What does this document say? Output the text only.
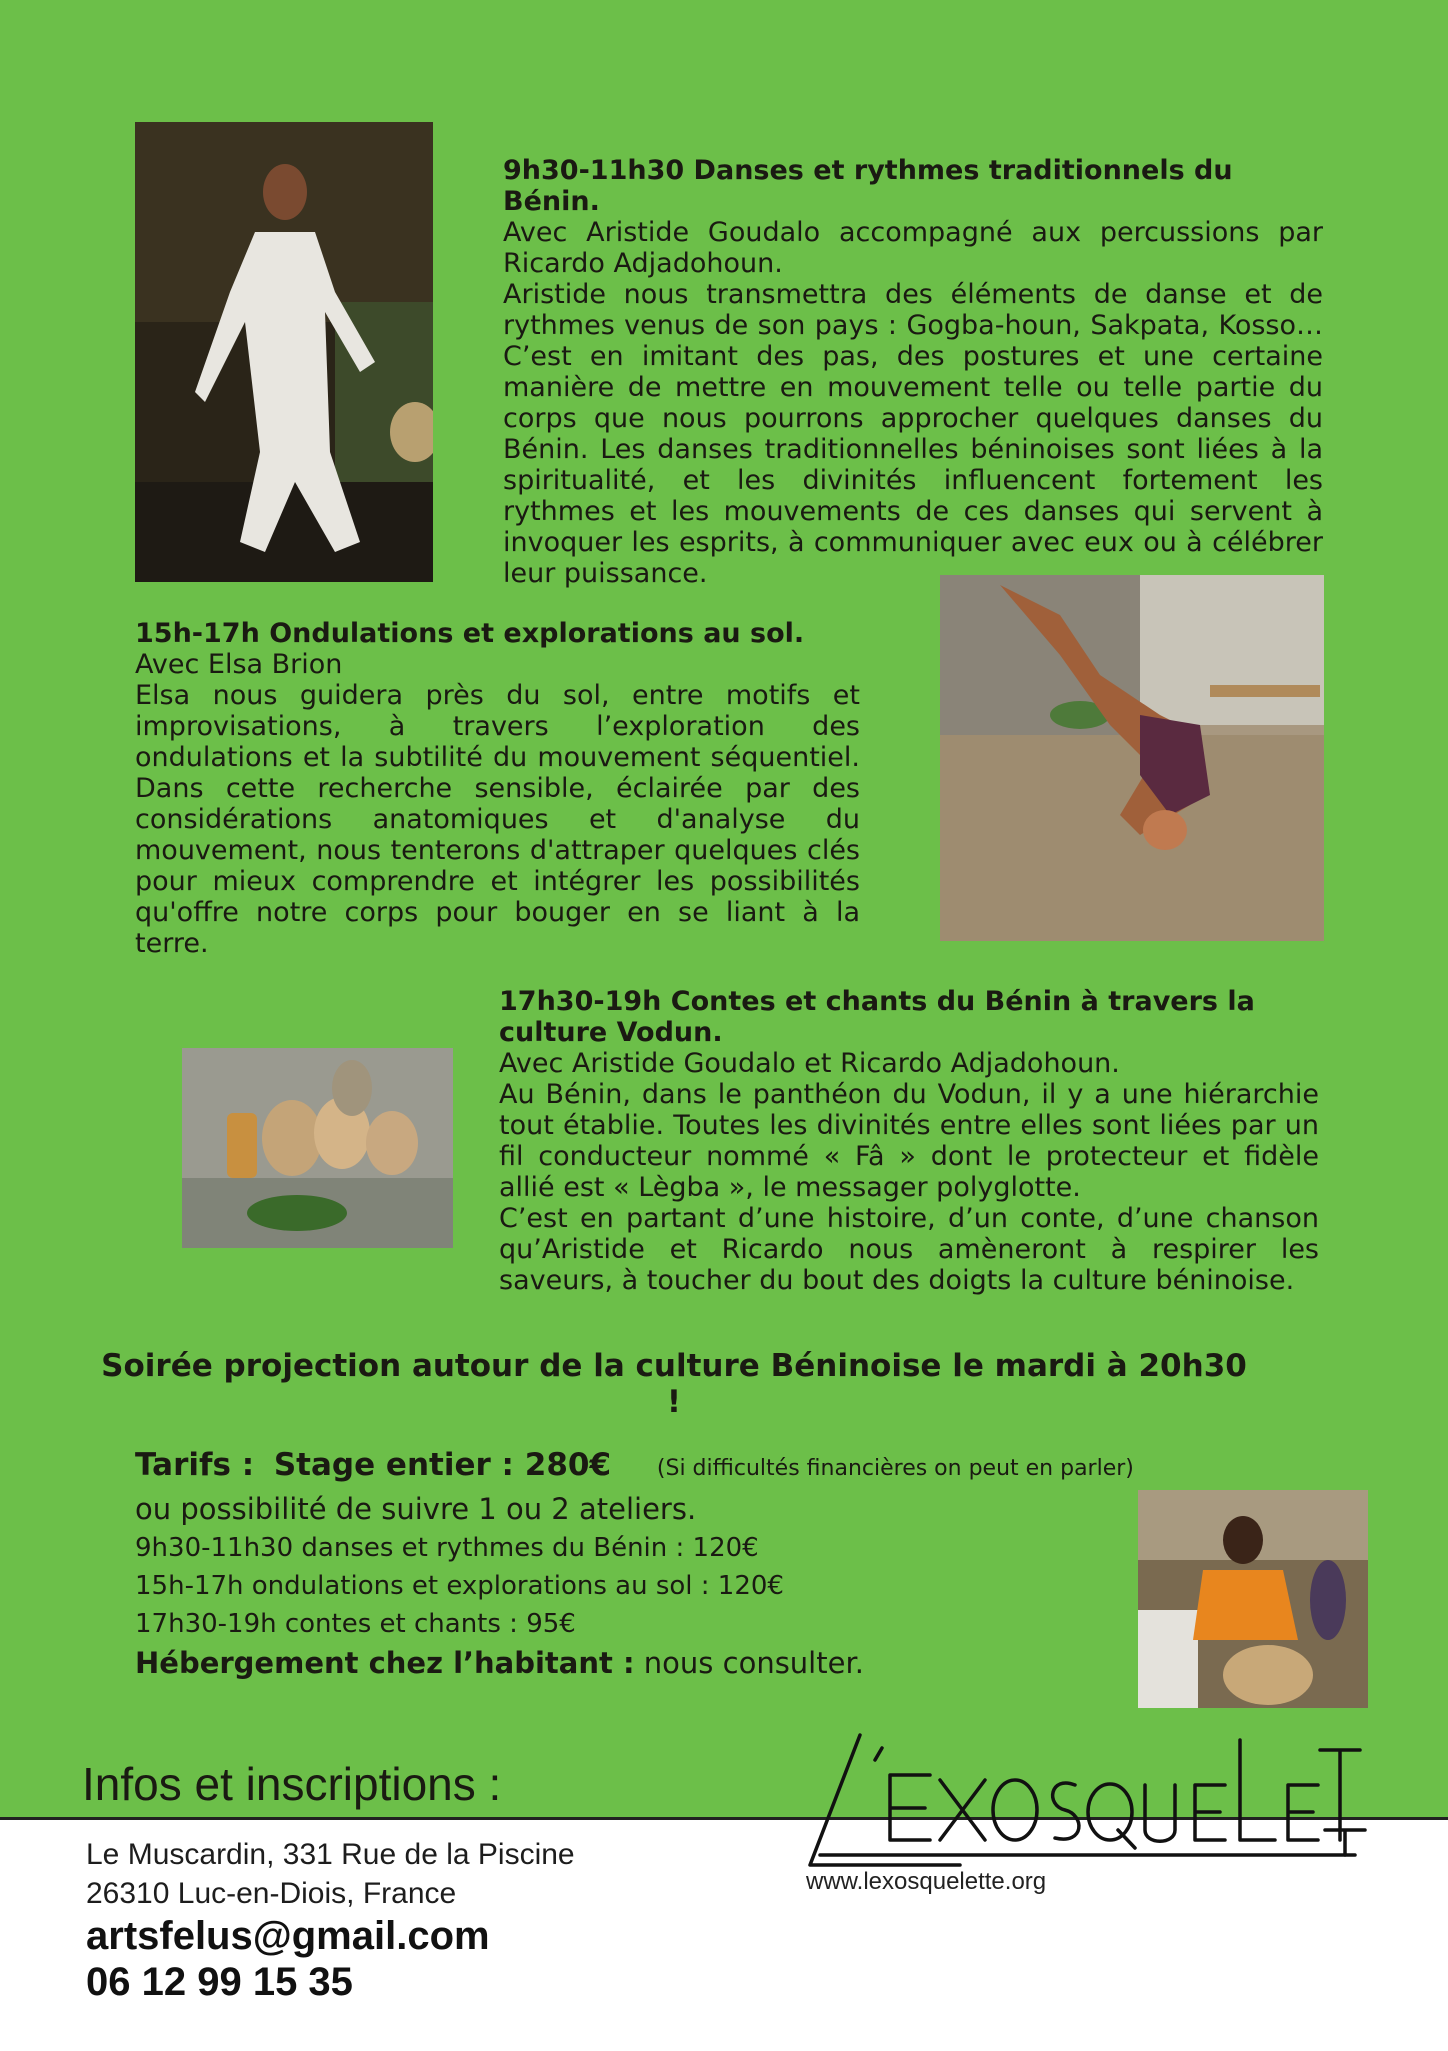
9h30-11h30 Danses et rythmes traditionnels du Bénin.

Avec Aristide Goudalo accompagné aux percussions par Ricardo Adjadohoun.

Aristide nous transmettra des éléments de danse et de rythmes venus de son pays : Gogba-houn, Sakpata, Kosso… C’est en imitant des pas, des postures et une certaine manière de mettre en mouvement telle ou telle partie du corps que nous pourrons approcher quelques danses du Bénin. Les danses traditionnelles béninoises sont liées à la spiritualité, et les divinités influencent fortement les rythmes et les mouvements de ces danses qui servent à invoquer les esprits, à communiquer avec eux ou à célébrer leur puissance.

15h-17h Ondulations et explorations au sol.

Avec Elsa Brion

Elsa nous guidera près du sol, entre motifs et improvisations, à travers l’exploration des ondulations et la subtilité du mouvement séquentiel. Dans cette recherche sensible, éclairée par des considérations anatomiques et d'analyse du mouvement, nous tenterons d'attraper quelques clés pour mieux comprendre et intégrer les possibilités qu'offre notre corps pour bouger en se liant à la terre.

17h30-19h Contes et chants du Bénin à travers la culture Vodun.

Avec Aristide Goudalo et Ricardo Adjadohoun.

Au Bénin, dans le panthéon du Vodun, il y a une hiérarchie tout établie. Toutes les divinités entre elles sont liées par un fil conducteur nommé « Fâ » dont le protecteur et fidèle allié est « Lègba », le messager polyglotte.

C’est en partant d’une histoire, d’un conte, d’une chanson qu’Aristide et Ricardo nous amèneront à respirer les saveurs, à toucher du bout des doigts la culture béninoise.

Soirée projection autour de la culture Béninoise le mardi à 20h30 !
Tarifs : Stage entier : 280€ (Si difficultés financières on peut en parler)
ou possibilité de suivre 1 ou 2 ateliers.
9h30-11h30 danses et rythmes du Bénin : 120€
15h-17h ondulations et explorations au sol : 120€
17h30-19h contes et chants : 95€
Hébergement chez l’habitant : nous consulter.
Infos et inscriptions :
Le Muscardin, 331 Rue de la Piscine
26310 Luc-en-Diois, France
artsfelus@gmail.com
06 12 99 15 35
www.lexosquelette.org
